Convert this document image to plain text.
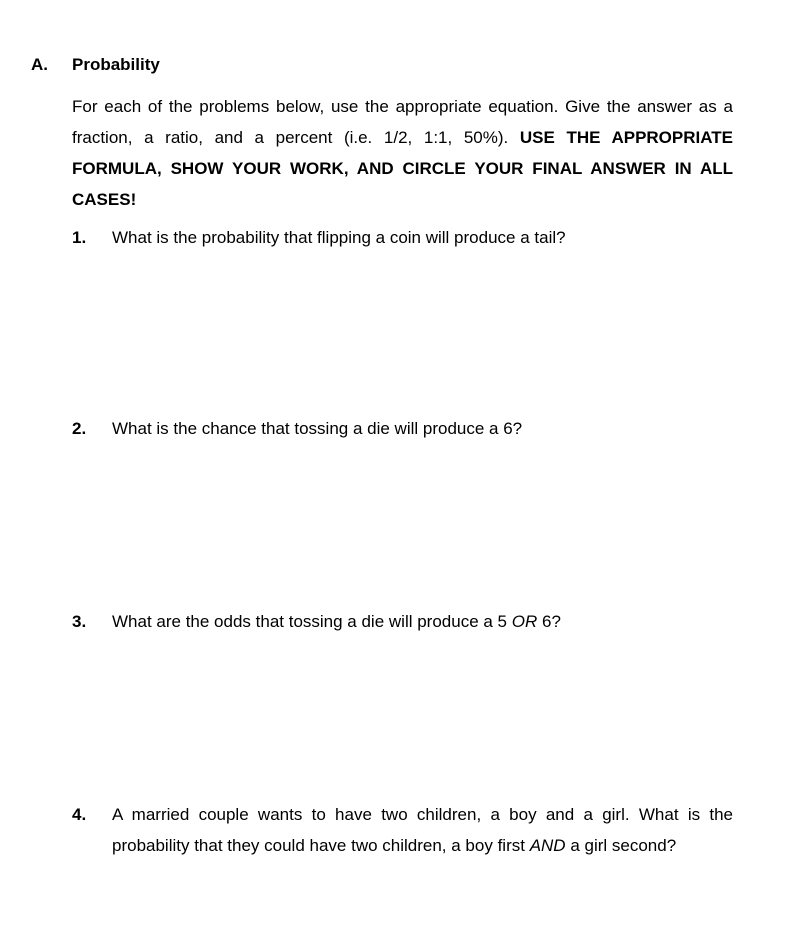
A. Probability
For each of the problems below, use the appropriate equation. Give the answer as a fraction, a ratio, and a percent (i.e. 1/2, 1:1, 50%). USE THE APPROPRIATE FORMULA, SHOW YOUR WORK, AND CIRCLE YOUR FINAL ANSWER IN ALL CASES!
1. What is the probability that flipping a coin will produce a tail?
2. What is the chance that tossing a die will produce a 6?
3. What are the odds that tossing a die will produce a 5 OR 6?
4. A married couple wants to have two children, a boy and a girl. What is the probability that they could have two children, a boy first AND a girl second?
